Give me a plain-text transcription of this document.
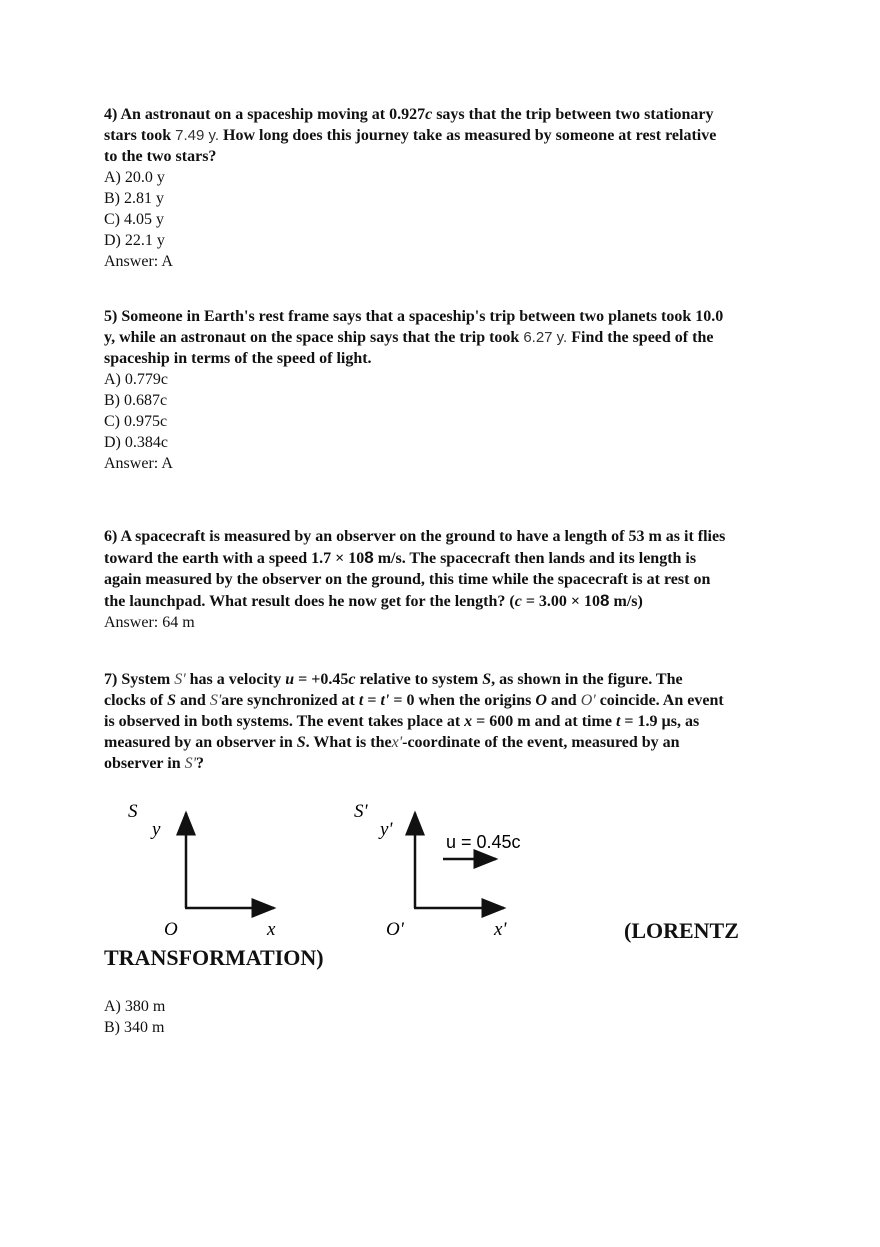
4) An astronaut on a spaceship moving at 0.927c says that the trip between two stationary
stars took 7.49 y. How long does this journey take as measured by someone at rest relative
to the two stars?
A) 20.0 y
B) 2.81 y
C) 4.05 y
D) 22.1 y
Answer: A
5) Someone in Earth's rest frame says that a spaceship's trip between two planets took 10.0
y, while an astronaut on the space ship says that the trip took 6.27 y. Find the speed of the
spaceship in terms of the speed of light.
A) 0.779c
B) 0.687c
C) 0.975c
D) 0.384c
Answer: A
6) A spacecraft is measured by an observer on the ground to have a length of 53 m as it flies
toward the earth with a speed 1.7 × 108 m/s. The spacecraft then lands and its length is
again measured by the observer on the ground, this time while the spacecraft is at rest on
the launchpad. What result does he now get for the length? (c = 3.00 × 108 m/s)
Answer: 64 m
7) System S' has a velocity u = +0.45c relative to system S, as shown in the figure. The
clocks of S and S'are synchronized at t = t' = 0 when the origins O and O' coincide. An event
is observed in both systems. The event takes place at x = 600 m and at time t = 1.9 µs, as
measured by an observer in S. What is thex'-coordinate of the event, measured by an
observer in S'?
S
y
O	x
S'
y'
O'	x'
u = 0.45c
(LORENTZ
TRANSFORMATION)
A) 380 m
B) 340 m
